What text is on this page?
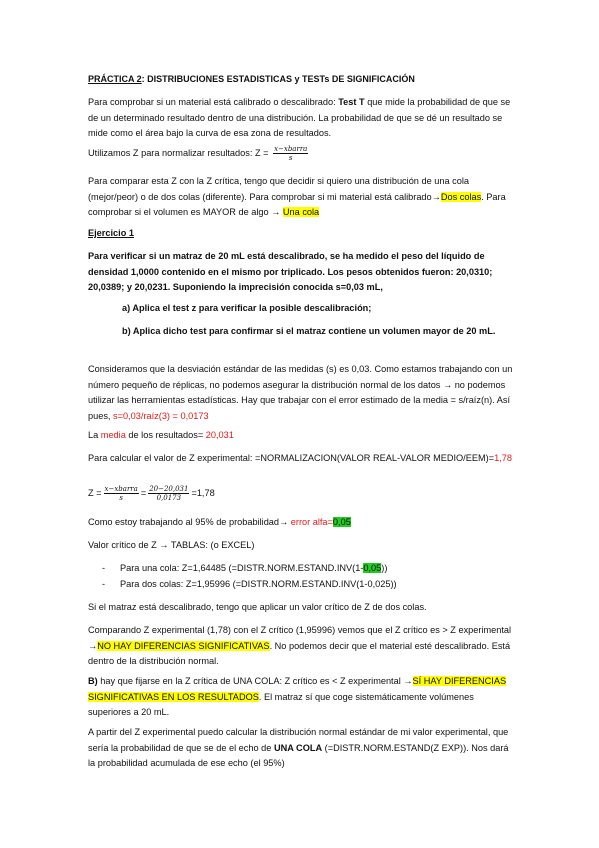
PRÁCTICA 2: DISTRIBUCIONES ESTADISTICAS y TESTs DE SIGNIFICACIÓN

Para comprobar si un material está calibrado o descalibrado: Test T que mide la probabilidad de que se de un determinado resultado dentro de una distribución. La probabilidad de que se dé un resultado se mide como el área bajo la curva de esa zona de resultados.

Utilizamos Z para normalizar resultados: $Z = \frac{\text{x−xbarra}}{s}$

Para comparar esta Z con la Z crítica, tengo que decidir si quiero una distribución de una cola (mejor/peor) o de dos colas (diferente). Para comprobar si mi material está calibrado→Dos colas. Para comprobar si el volumen es MAYOR de algo → Una cola

Ejercicio 1

Para verificar si un matraz de 20 mL está descalibrado, se ha medido el peso del líquido de densidad 1,0000 contenido en el mismo por triplicado. Los pesos obtenidos fueron: 20,0310; 20,0389; y 20,0231. Suponiendo la imprecisión conocida s=0,03 mL,

a) Aplica el test z para verificar la posible descalibración;

b) Aplica dicho test para confirmar si el matraz contiene un volumen mayor de 20 mL.

Consideramos que la desviación estándar de las medidas (s) es 0,03. Como estamos trabajando con un número pequeño de réplicas, no podemos asegurar la distribución normal de los datos → no podemos utilizar las herramientas estadísticas. Hay que trabajar con el error estimado de la media = s/raíz(n). Así pues, s=0,03/raíz(3) = 0,0173

La media de los resultados= 20,031

Para calcular el valor de Z experimental: =NORMALIZACION(VALOR REAL-VALOR MEDIO/EEM)=1,78

$Z = \frac{\text{x−xbarra}}{s} = \frac{20-20,031}{0,0173} =1,78$

Como estoy trabajando al 95% de probabilidad→ error alfa=0,05

Valor crítico de Z → TABLAS: (o EXCEL)

- Para una cola: Z=1,64485 (=DISTR.NORM.ESTAND.INV(1-0,05))

- Para dos colas: Z=1,95996 (=DISTR.NORM.ESTAND.INV(1-0,025))

Si el matraz está descalibrado, tengo que aplicar un valor crítico de Z de dos colas.

Comparando Z experimental (1,78) con el Z crítico (1,95996) vemos que el Z crítico es > Z experimental →NO HAY DIFERENCIAS SIGNIFICATIVAS. No podemos decir que el material esté descalibrado. Está dentro de la distribución normal.

B) hay que fijarse en la Z crítica de UNA COLA: Z crítico es < Z experimental →SÍ HAY DIFERENCIAS SIGNIFICATIVAS EN LOS RESULTADOS. El matraz sí que coge sistemáticamente volúmenes superiores a 20 mL.

A partir del Z experimental puedo calcular la distribución normal estándar de mi valor experimental, que sería la probabilidad de que se de el echo de UNA COLA (=DISTR.NORM.ESTAND(Z EXP)). Nos dará la probabilidad acumulada de ese echo (el 95%)
